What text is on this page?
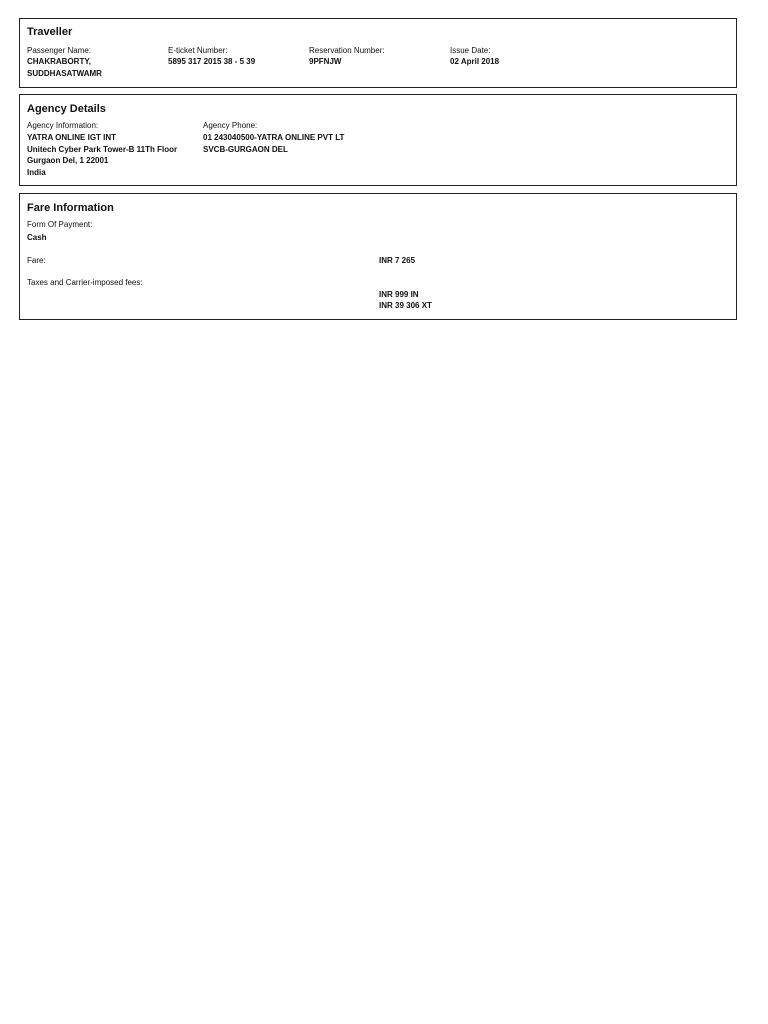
Traveller
Passenger Name:
CHAKRABORTY,
SUDDHASATWAMR
E-ticket Number:
5895 317 2015 38 - 5 39
Reservation Number:
9PFNJW
Issue Date:
02 April 2018
Agency Details
Agency Information:
YATRA ONLINE IGT INT
Unitech Cyber Park Tower-B 11Th Floor
Gurgaon Del, 1 22001
India
Agency Phone:
01 243040500-YATRA ONLINE PVT LT
SVCB-GURGAON DEL
Fare Information
Form Of Payment:
Cash
Fare:	INR 7 265
Taxes and Carrier-imposed fees:
INR 999 IN
INR 39 306 XT
